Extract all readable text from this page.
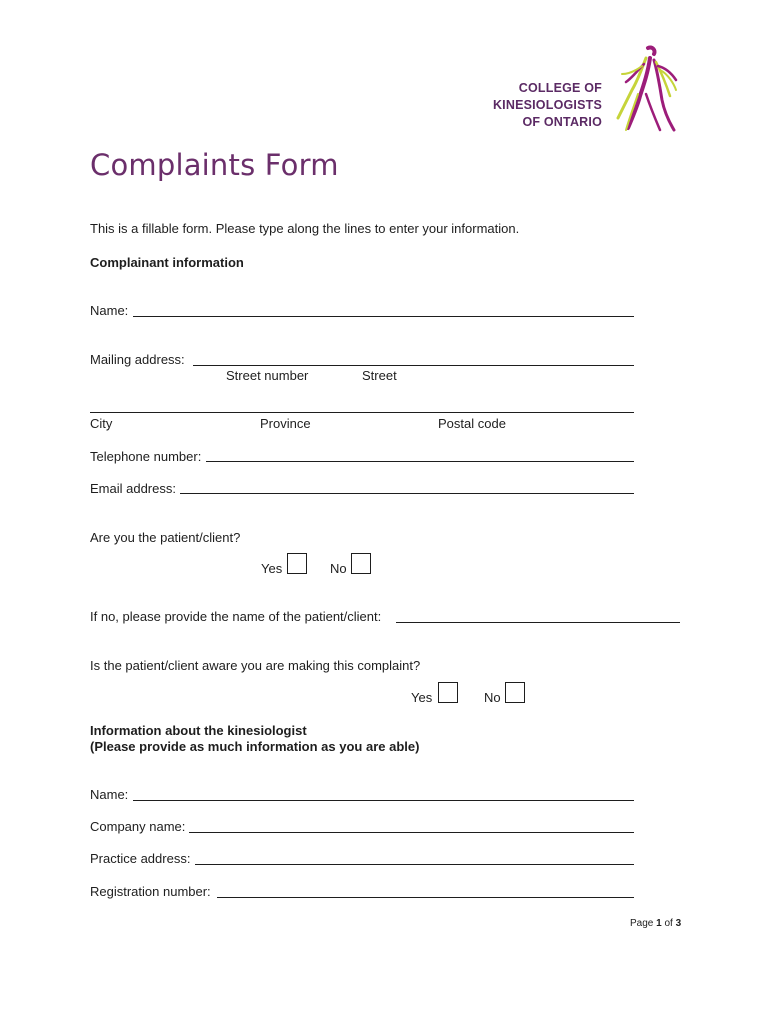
COLLEGE OF
KINESIOLOGISTS
OF ONTARIO
Complaints Form
This is a fillable form. Please type along the lines to enter your information.
Complainant information
Name:
Mailing address:
Street number	Street
City	Province	Postal code
Telephone number:
Email address:
Are you the patient/client?
Yes	No
If no, please provide the name of the patient/client:
Is the patient/client aware you are making this complaint?
Yes	No
Information about the kinesiologist
(Please provide as much information as you are able)
Name:
Company name:
Practice address:
Registration number:
Page 1 of 3
